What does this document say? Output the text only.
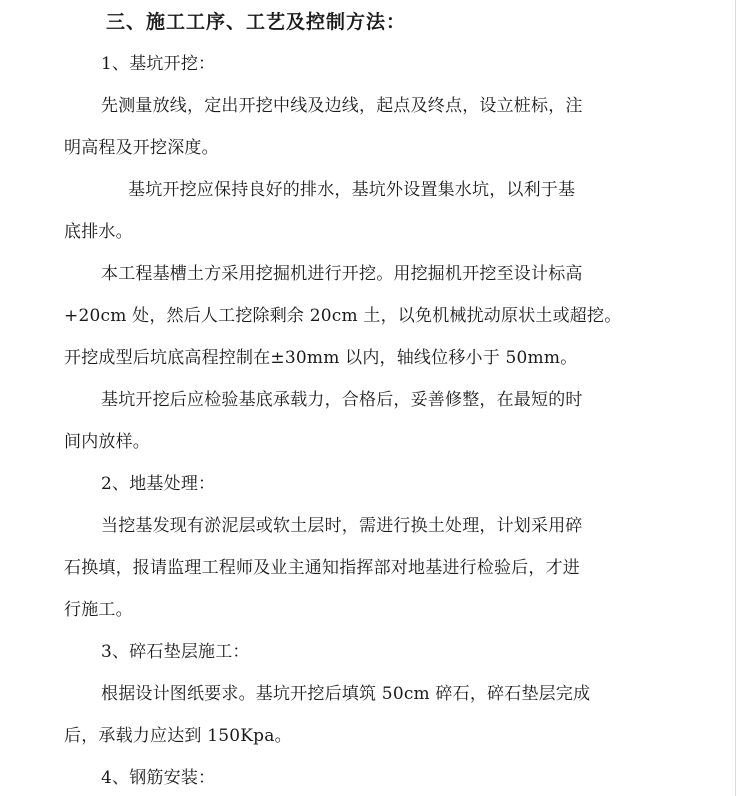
三、施工工序、工艺及控制方法：
1、基坑开挖：
先测量放线，定出开挖中线及边线，起点及终点，设立桩标，注
明高程及开挖深度。
基坑开挖应保持良好的排水，基坑外设置集水坑，以利于基
底排水。
本工程基槽土方采用挖掘机进行开挖。用挖掘机开挖至设计标高
+20cm 处，然后人工挖除剩余 20cm 土，以免机械扰动原状土或超挖。
开挖成型后坑底高程控制在±30mm 以内，轴线位移小于 50mm。
基坑开挖后应检验基底承载力，合格后，妥善修整，在最短的时
间内放样。
2、地基处理：
当挖基发现有淤泥层或软土层时，需进行换土处理，计划采用碎
石换填，报请监理工程师及业主通知指挥部对地基进行检验后，才进
行施工。
3、碎石垫层施工：
根据设计图纸要求。基坑开挖后填筑 50cm 碎石，碎石垫层完成
后，承载力应达到 150Kpa。
4、钢筋安装：
